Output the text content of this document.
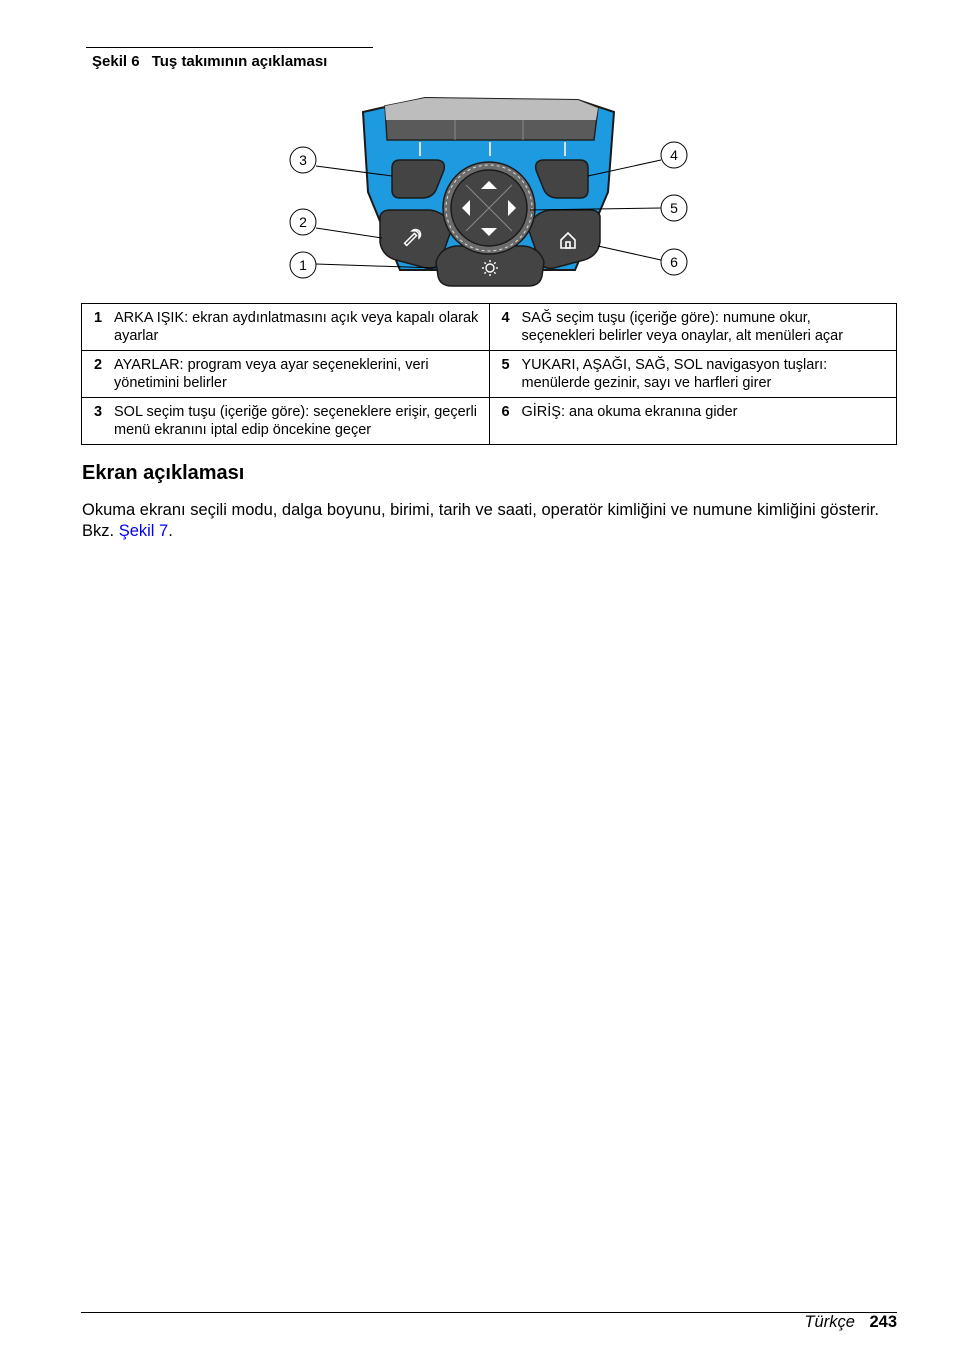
Şekil 6 Tuş takımının açıklaması
3
2
1
4
5
6
1 ARKA IŞIK: ekran aydınlatmasını açık veya kapalı olarak ayarlar	4 SAĞ seçim tuşu (içeriğe göre): numune okur, seçenekleri belirler veya onaylar, alt menüleri açar
2 AYARLAR: program veya ayar seçeneklerini, veri yönetimini belirler	5 YUKARI, AŞAĞI, SAĞ, SOL navigasyon tuşları: menülerde gezinir, sayı ve harfleri girer
3 SOL seçim tuşu (içeriğe göre): seçeneklere erişir, geçerli menü ekranını iptal edip öncekine geçer	6 GİRİŞ: ana okuma ekranına gider
Ekran açıklaması

Okuma ekranı seçili modu, dalga boyunu, birimi, tarih ve saati, operatör kimliğini ve numune kimliğini gösterir. Bkz. Şekil 7.

Türkçe 243
